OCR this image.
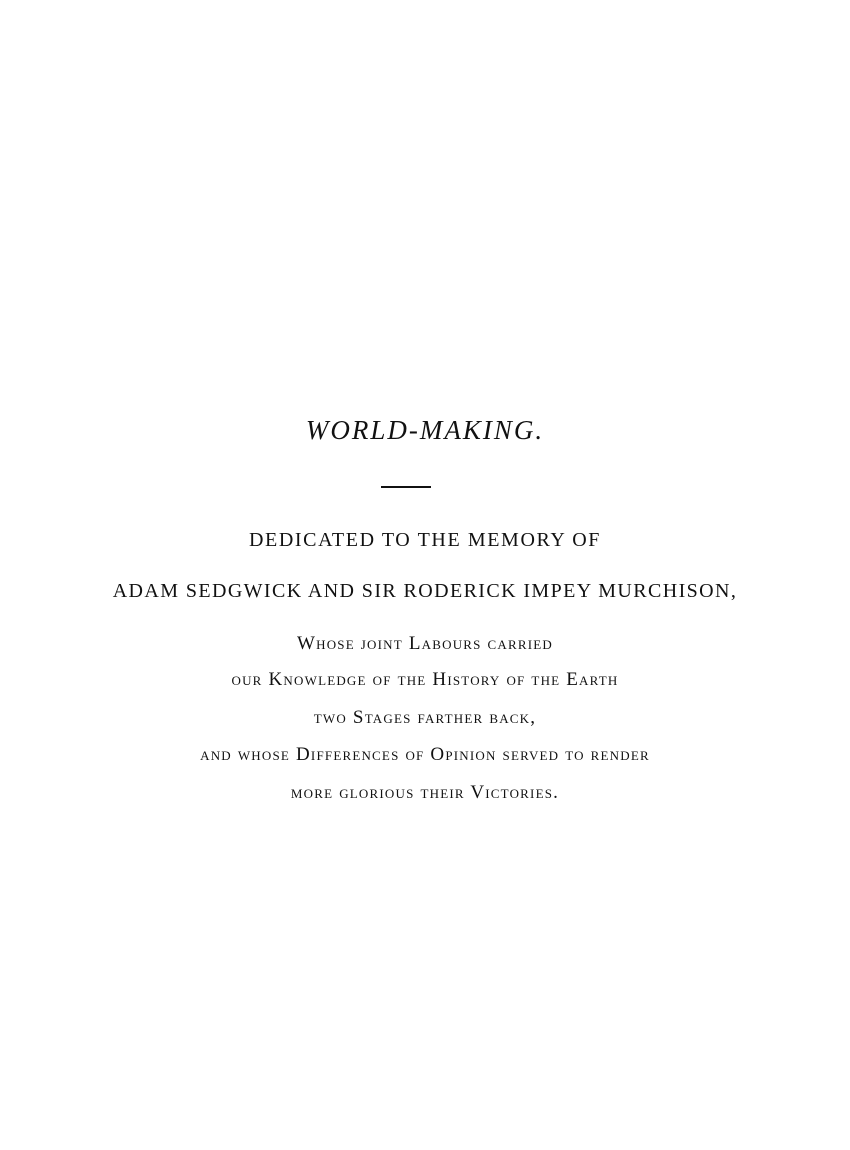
WORLD-MAKING.
DEDICATED TO THE MEMORY OF
ADAM SEDGWICK AND SIR RODERICK IMPEY MURCHISON,
Whose joint Labours carried
our Knowledge of the History of the Earth
two Stages farther back,
and whose Differences of Opinion served to render
more glorious their Victories.
